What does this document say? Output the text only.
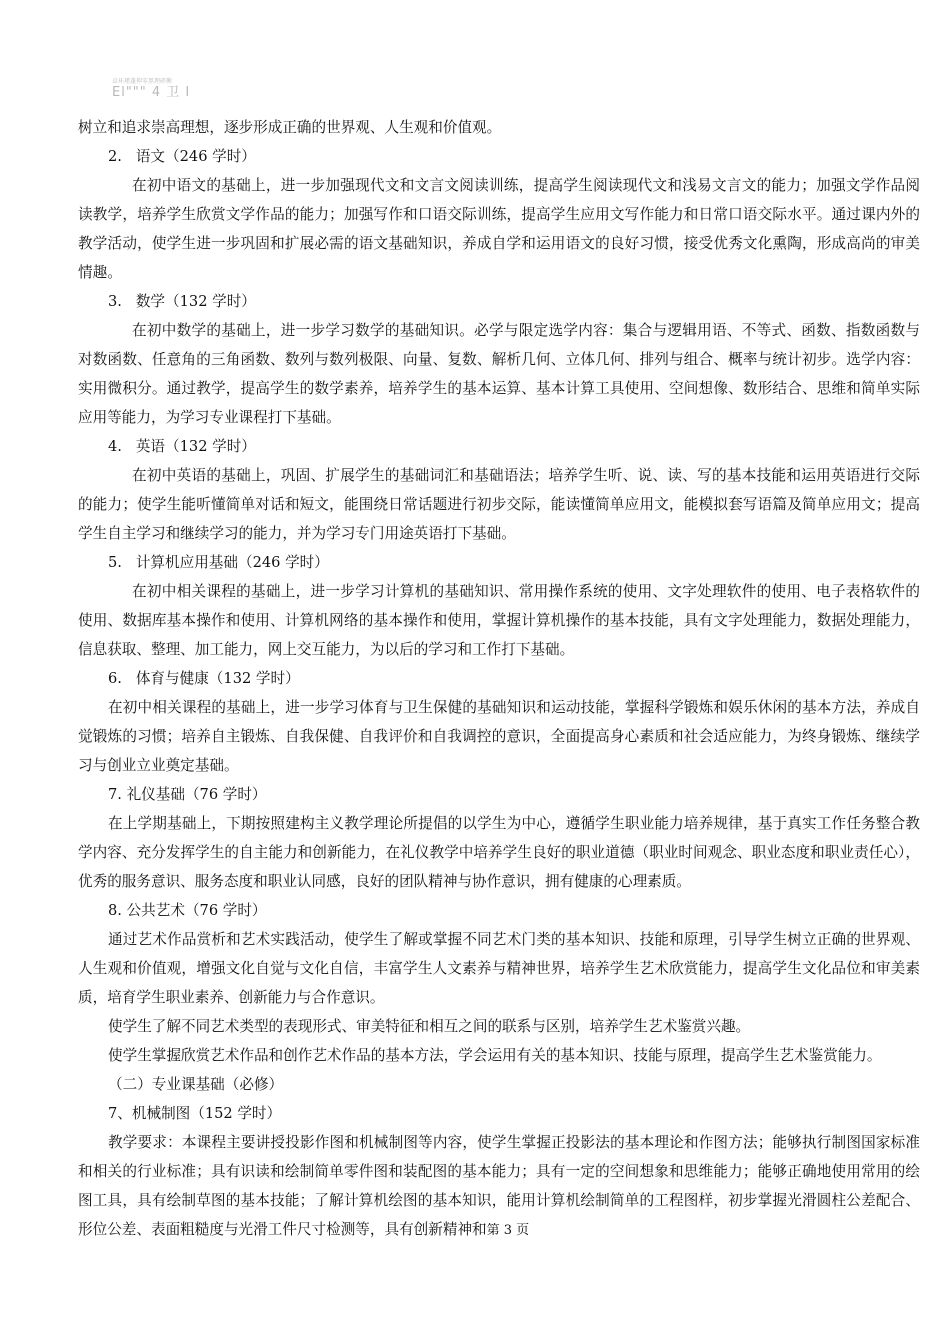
卓环瑾蓬抑零黑理碎衡
El""" 4 卫 I
树立和追求崇高理想，逐步形成正确的世界观、人生观和价值观。
2.   语文（246 学时）
在初中语文的基础上，进一步加强现代文和文言文阅读训练，提高学生阅读现代文和浅易文言文的能力；加强文学作品阅读教学，培养学生欣赏文学作品的能力；加强写作和口语交际训练，提高学生应用文写作能力和日常口语交际水平。通过课内外的教学活动，使学生进一步巩固和扩展必需的语文基础知识，养成自学和运用语文的良好习惯，接受优秀文化熏陶，形成高尚的审美情趣。
3.   数学（132 学时）
在初中数学的基础上，进一步学习数学的基础知识。必学与限定选学内容：集合与逻辑用语、不等式、函数、指数函数与对数函数、任意角的三角函数、数列与数列极限、向量、复数、解析几何、立体几何、排列与组合、概率与统计初步。选学内容：实用微积分。通过教学，提高学生的数学素养，培养学生的基本运算、基本计算工具使用、空间想像、数形结合、思维和简单实际应用等能力，为学习专业课程打下基础。
4.   英语（132 学时）
在初中英语的基础上，巩固、扩展学生的基础词汇和基础语法；培养学生听、说、读、写的基本技能和运用英语进行交际的能力；使学生能听懂简单对话和短文，能围绕日常话题进行初步交际，能读懂简单应用文，能模拟套写语篇及简单应用文；提高学生自主学习和继续学习的能力，并为学习专门用途英语打下基础。
5.   计算机应用基础（246 学时）
在初中相关课程的基础上，进一步学习计算机的基础知识、常用操作系统的使用、文字处理软件的使用、电子表格软件的使用、数据库基本操作和使用、计算机网络的基本操作和使用，掌握计算机操作的基本技能，具有文字处理能力，数据处理能力，信息获取、整理、加工能力，网上交互能力，为以后的学习和工作打下基础。
6.   体育与健康（132 学时）
在初中相关课程的基础上，进一步学习体育与卫生保健的基础知识和运动技能，掌握科学锻炼和娱乐休闲的基本方法，养成自觉锻炼的习惯；培养自主锻炼、自我保健、自我评价和自我调控的意识，全面提高身心素质和社会适应能力，为终身锻炼、继续学习与创业立业奠定基础。
7. 礼仪基础（76 学时）
在上学期基础上，下期按照建构主义教学理论所提倡的以学生为中心，遵循学生职业能力培养规律，基于真实工作任务整合教学内容、充分发挥学生的自主能力和创新能力，在礼仪教学中培养学生良好的职业道德（职业时间观念、职业态度和职业责任心），优秀的服务意识、服务态度和职业认同感，良好的团队精神与协作意识，拥有健康的心理素质。
8. 公共艺术（76 学时）
通过艺术作品赏析和艺术实践活动，使学生了解或掌握不同艺术门类的基本知识、技能和原理，引导学生树立正确的世界观、人生观和价值观，增强文化自觉与文化自信，丰富学生人文素养与精神世界，培养学生艺术欣赏能力，提高学生文化品位和审美素质，培育学生职业素养、创新能力与合作意识。
使学生了解不同艺术类型的表现形式、审美特征和相互之间的联系与区别，培养学生艺术鉴赏兴趣。
使学生掌握欣赏艺术作品和创作艺术作品的基本方法，学会运用有关的基本知识、技能与原理，提高学生艺术鉴赏能力。
（二）专业课基础（必修）
7、机械制图（152 学时）
教学要求：本课程主要讲授投影作图和机械制图等内容，使学生掌握正投影法的基本理论和作图方法；能够执行制图国家标准和相关的行业标准；具有识读和绘制简单零件图和装配图的基本能力；具有一定的空间想象和思维能力；能够正确地使用常用的绘图工具，具有绘制草图的基本技能；了解计算机绘图的基本知识，能用计算机绘制简单的工程图样，初步掌握光滑圆柱公差配合、形位公差、表面粗糙度与光滑工件尺寸检测等，具有创新精神和第 3 页
